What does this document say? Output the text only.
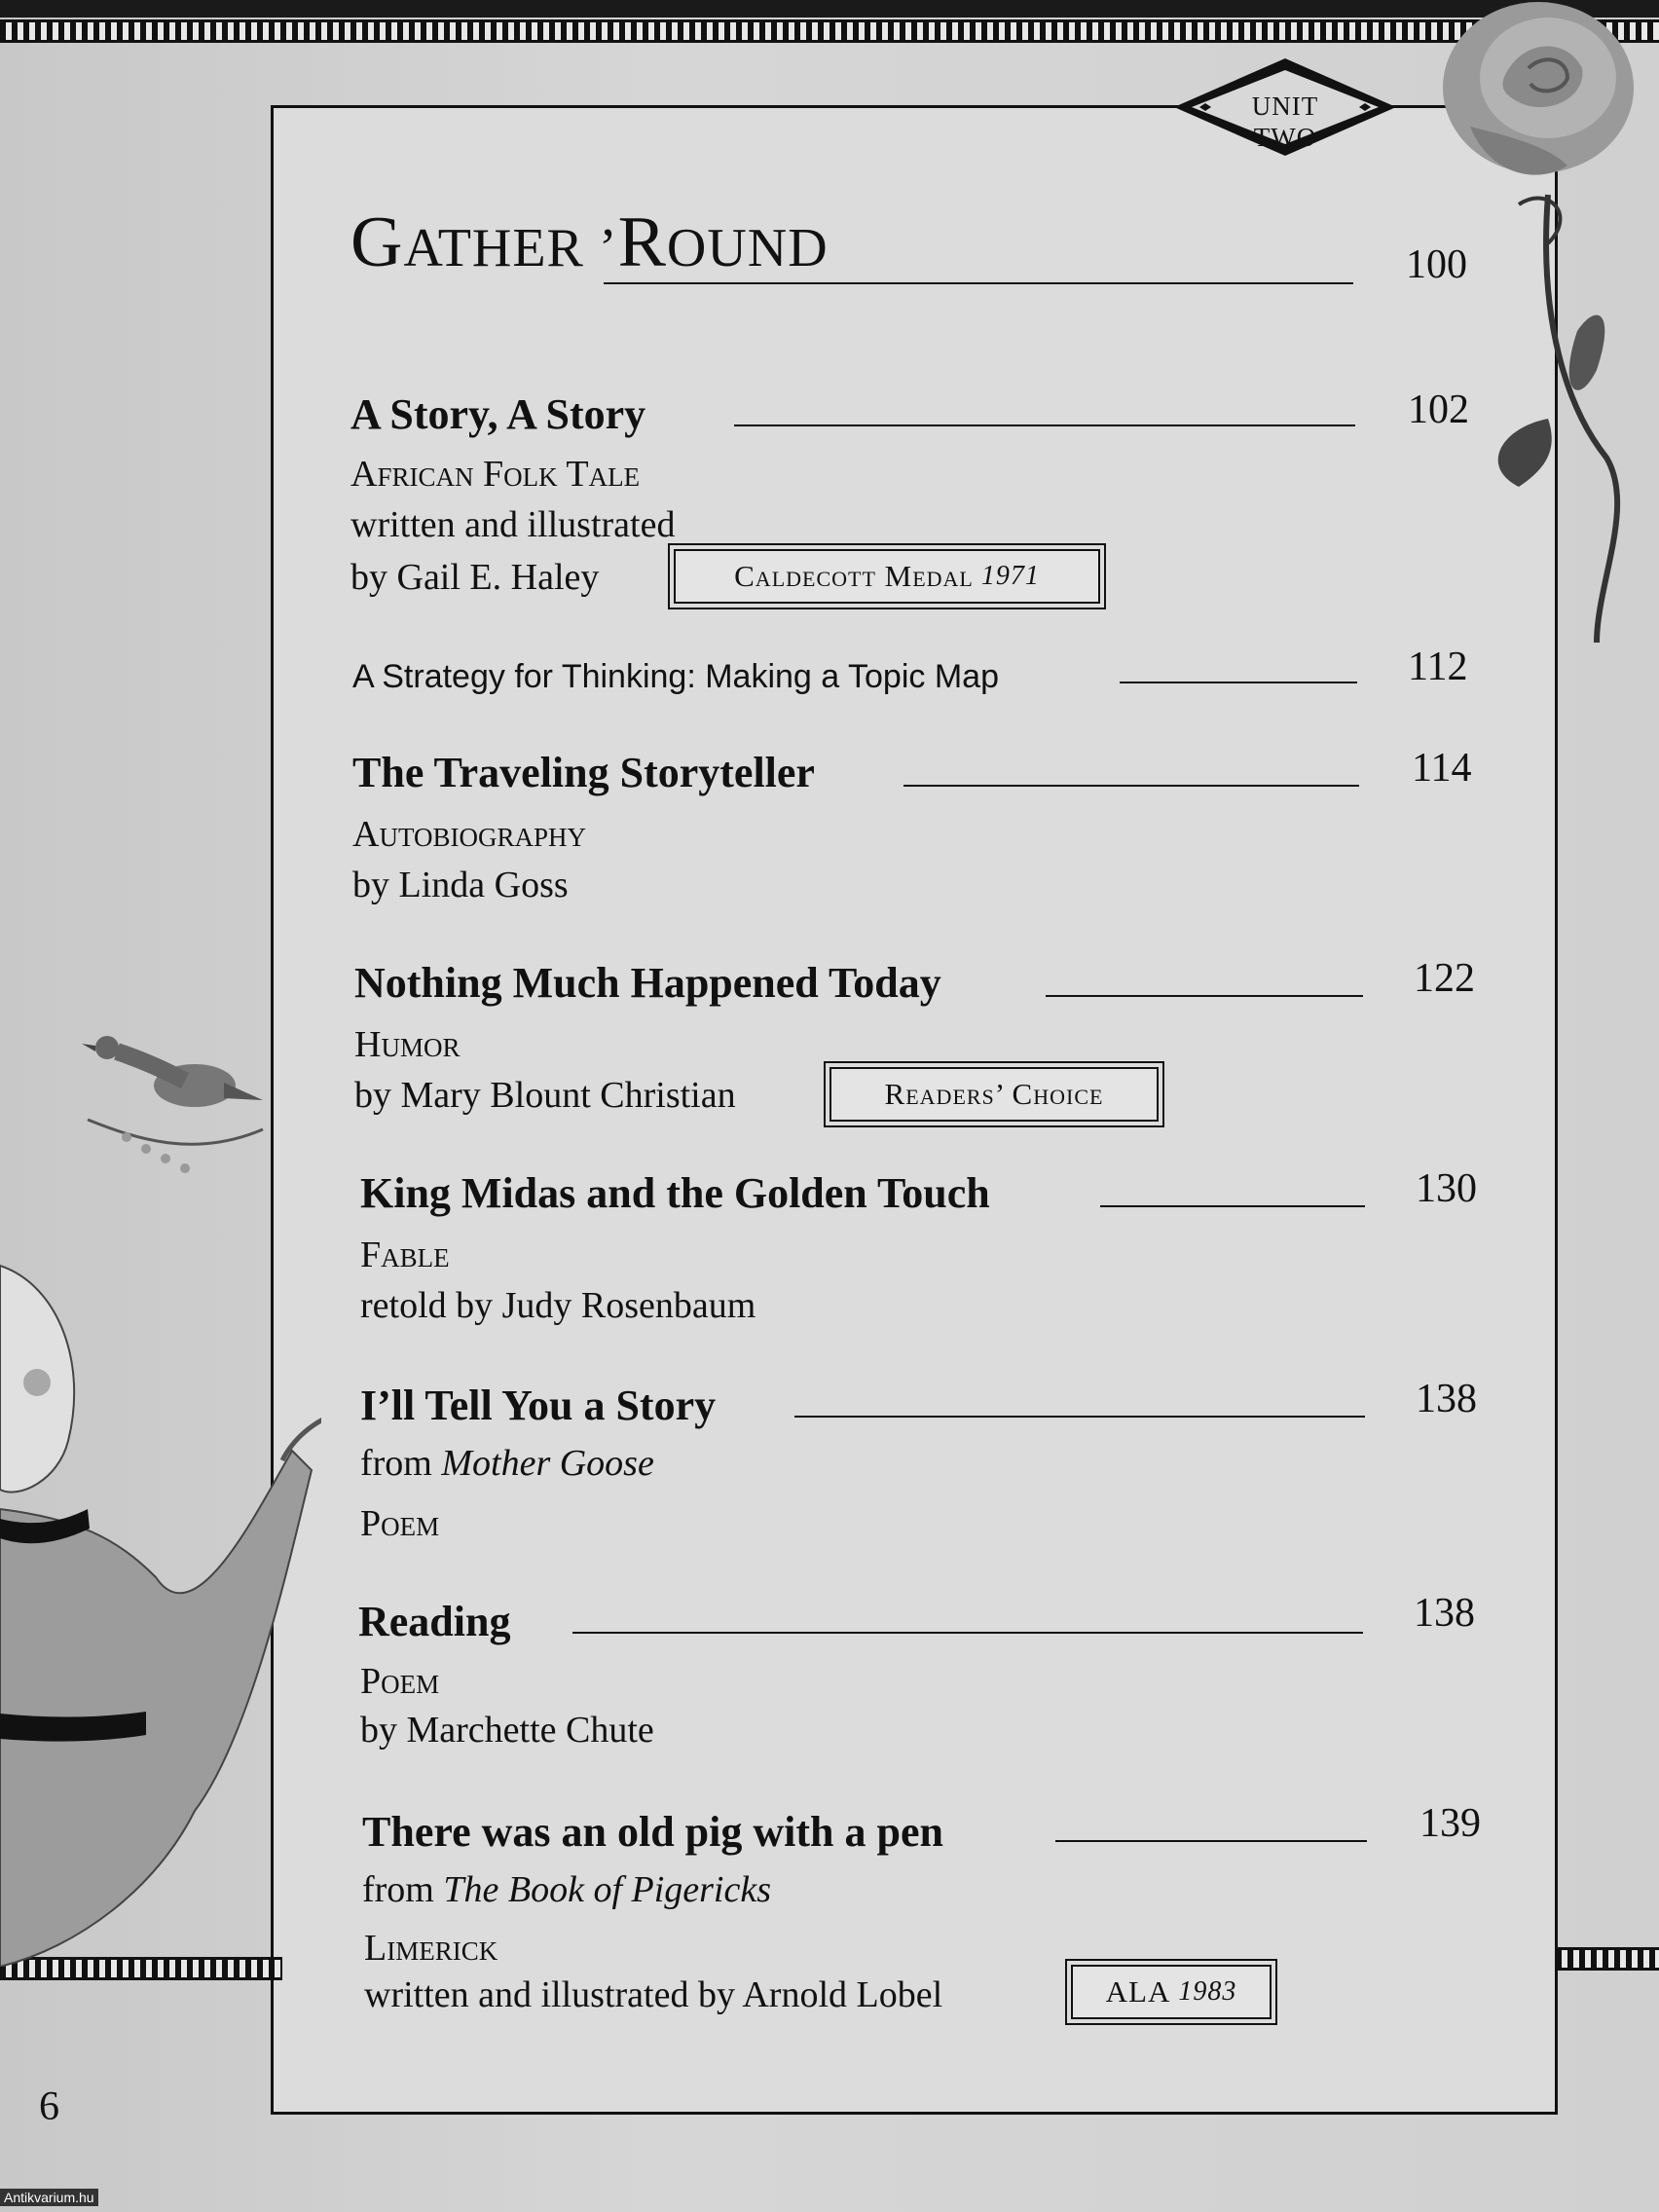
UNIT
TWO
GATHER ’ROUND	100
A Story, A Story	102
African Folk Tale
written and illustrated
by Gail E. Haley	Caldecott Medal 1971
A Strategy for Thinking: Making a Topic Map	112
The Traveling Storyteller	114
Autobiography
by Linda Goss
Nothing Much Happened Today	122
Humor
by Mary Blount Christian	Readers’ Choice
King Midas and the Golden Touch	130
Fable
retold by Judy Rosenbaum
I’ll Tell You a Story	138
from Mother Goose
Poem
Reading	138
Poem
by Marchette Chute
There was an old pig with a pen	139
from The Book of Pigericks
Limerick
written and illustrated by Arnold Lobel	ALA 1983
6
Antikvarium.hu
